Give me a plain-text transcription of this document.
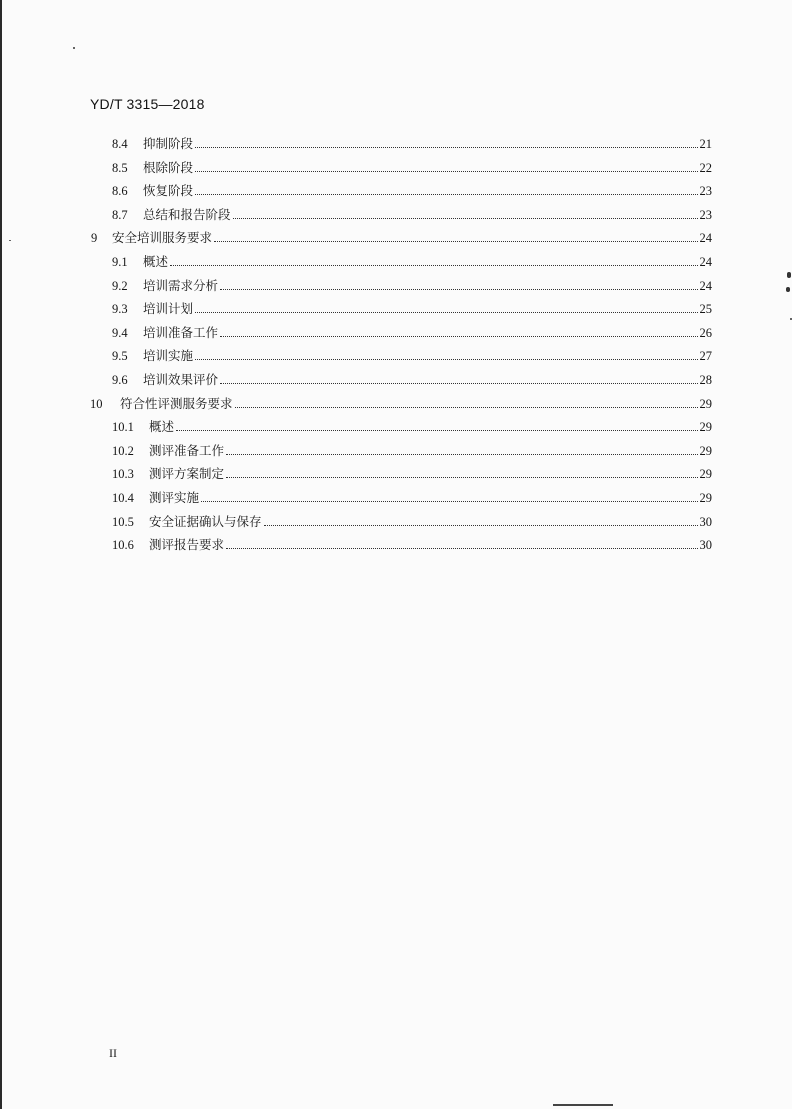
YD/T 3315—2018
8.4	抑制阶段	21
8.5	根除阶段	22
8.6	恢复阶段	23
8.7	总结和报告阶段	23
9	安全培训服务要求	24
9.1	概述	24
9.2	培训需求分析	24
9.3	培训计划	25
9.4	培训准备工作	26
9.5	培训实施	27
9.6	培训效果评价	28
10	符合性评测服务要求	29
10.1	概述	29
10.2	测评准备工作	29
10.3	测评方案制定	29
10.4	测评实施	29
10.5	安全证据确认与保存	30
10.6	测评报告要求	30
II
